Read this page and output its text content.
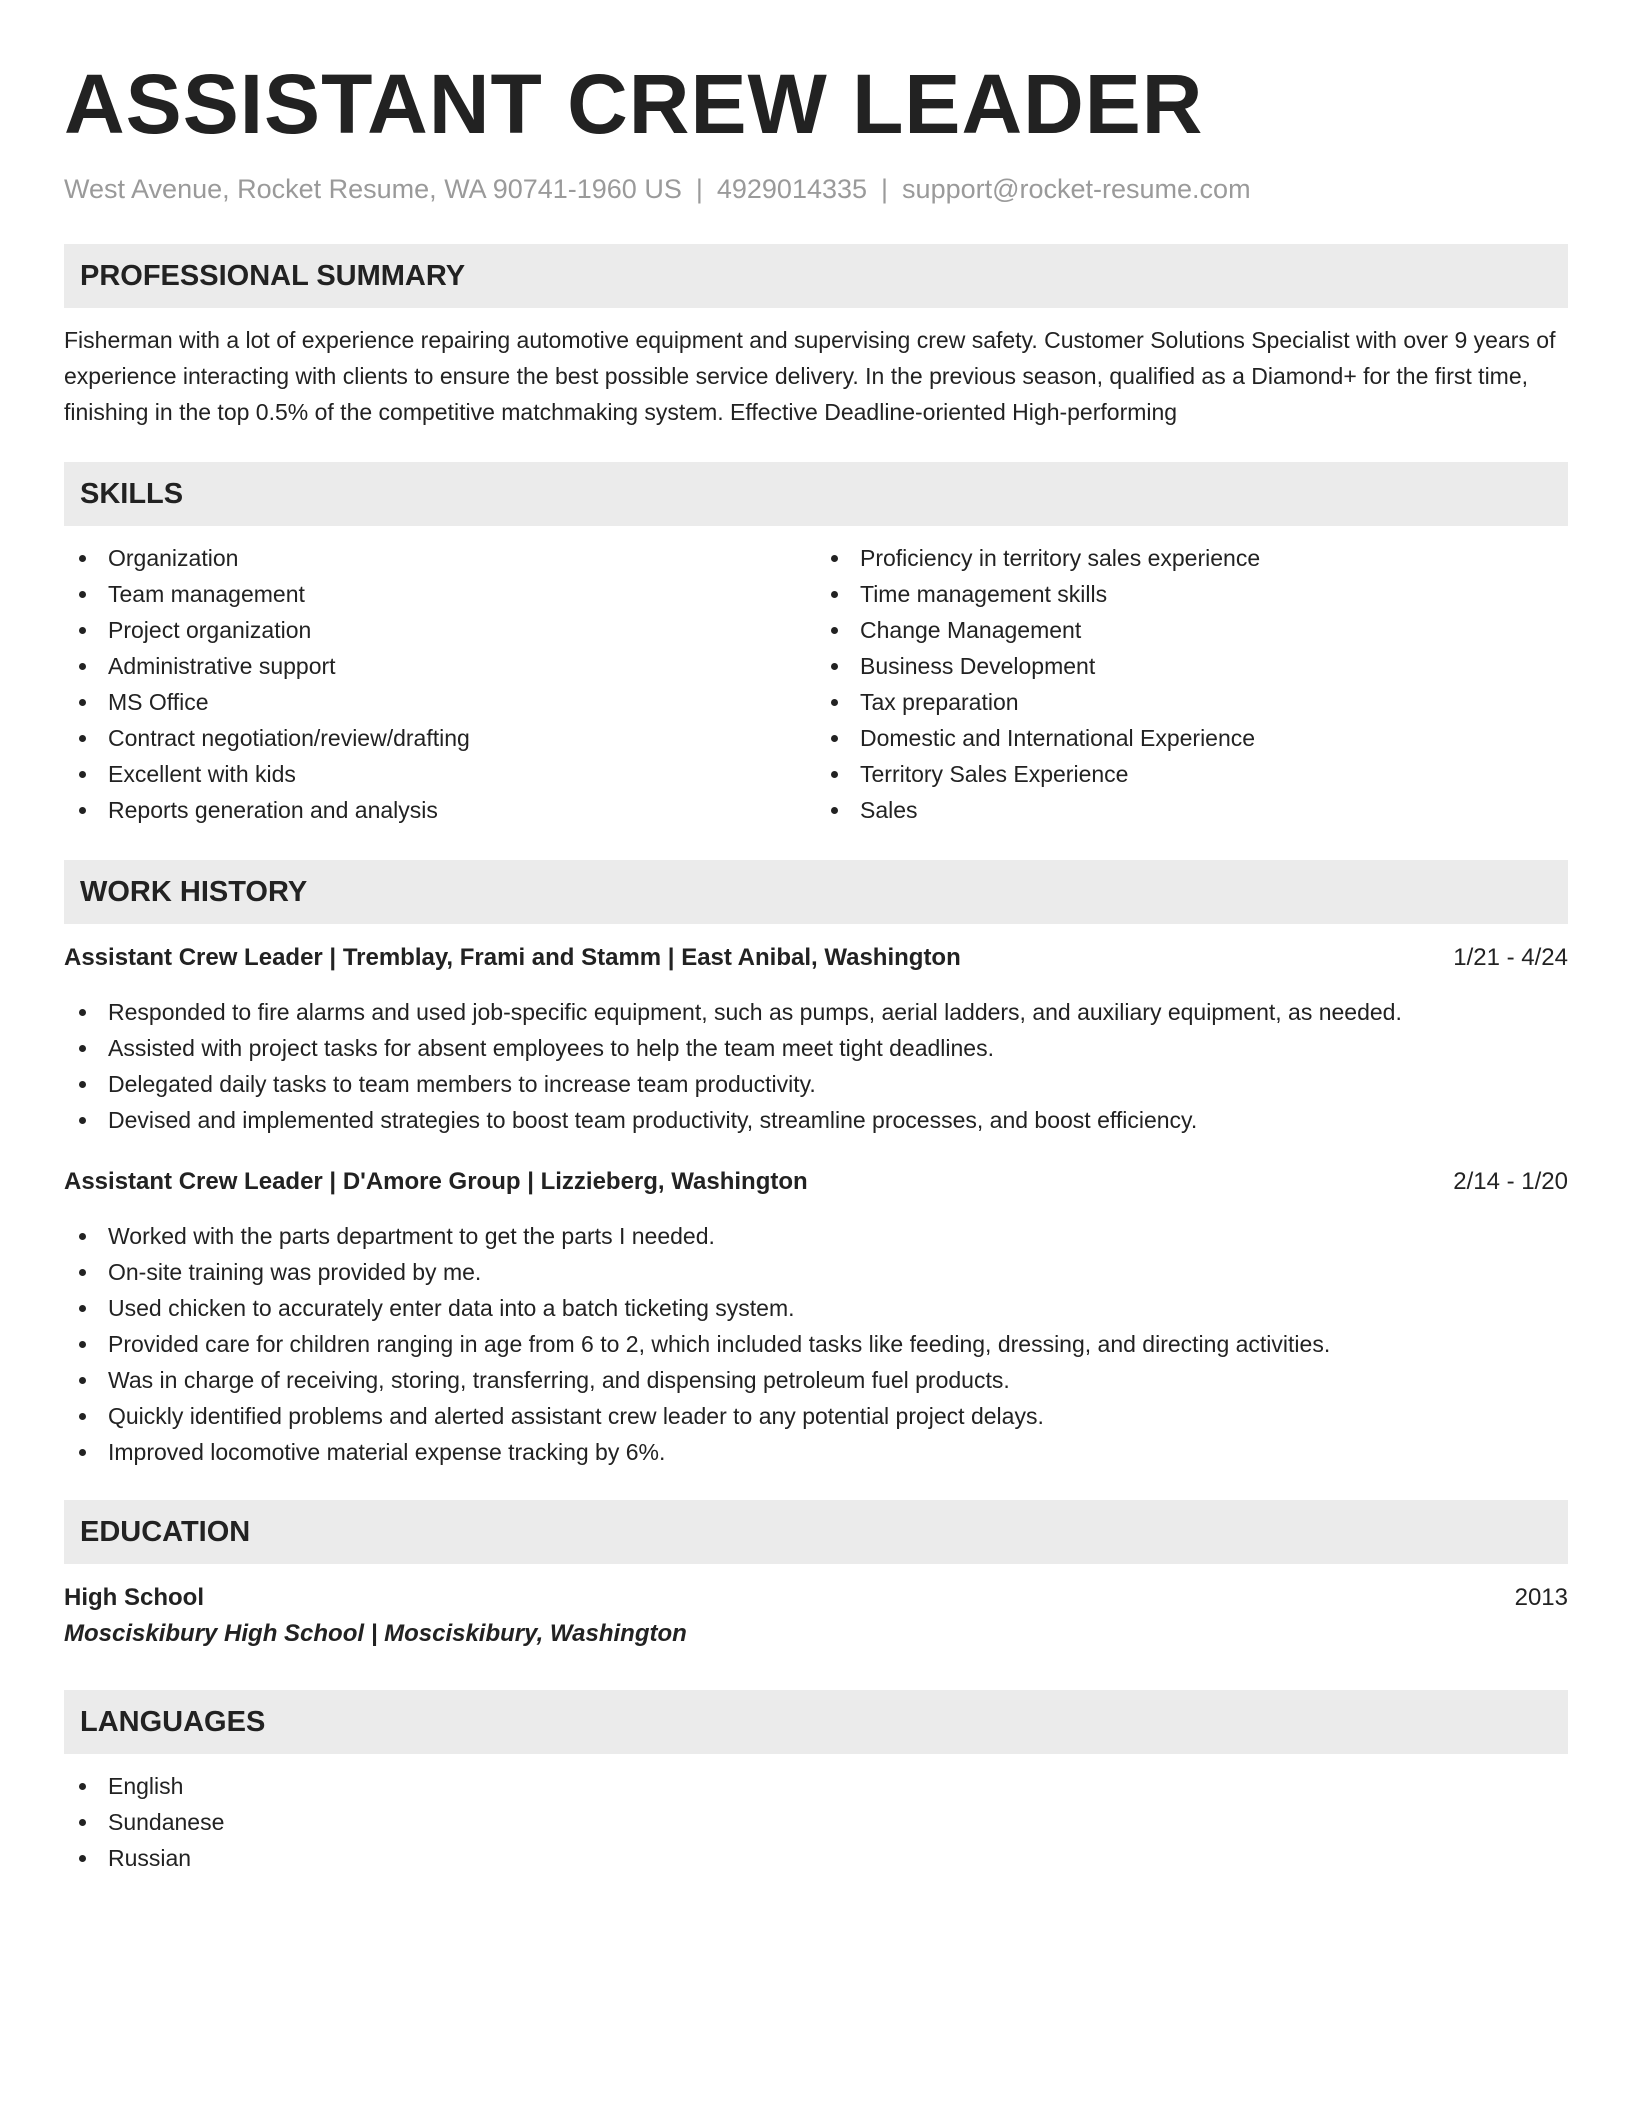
ASSISTANT CREW LEADER
West Avenue, Rocket Resume, WA 90741-1960 US | 4929014335 | support@rocket-resume.com
PROFESSIONAL SUMMARY

Fisherman with a lot of experience repairing automotive equipment and supervising crew safety. Customer Solutions Specialist with over 9 years of experience interacting with clients to ensure the best possible service delivery. In the previous season, qualified as a Diamond+ for the first time, finishing in the top 0.5% of the competitive matchmaking system. Effective Deadline-oriented High-performing

SKILLS
Organization
Team management
Project organization
Administrative support
MS Office
Contract negotiation/review/drafting
Excellent with kids
Reports generation and analysis
Proficiency in territory sales experience
Time management skills
Change Management
Business Development
Tax preparation
Domestic and International Experience
Territory Sales Experience
Sales
WORK HISTORY
Assistant Crew Leader | Tremblay, Frami and Stamm | East Anibal, Washington	1/21 - 4/24
Responded to fire alarms and used job-specific equipment, such as pumps, aerial ladders, and auxiliary equipment, as needed.
Assisted with project tasks for absent employees to help the team meet tight deadlines.
Delegated daily tasks to team members to increase team productivity.
Devised and implemented strategies to boost team productivity, streamline processes, and boost efficiency.
Assistant Crew Leader | D'Amore Group | Lizzieberg, Washington	2/14 - 1/20
Worked with the parts department to get the parts I needed.
On-site training was provided by me.
Used chicken to accurately enter data into a batch ticketing system.
Provided care for children ranging in age from 6 to 2, which included tasks like feeding, dressing, and directing activities.
Was in charge of receiving, storing, transferring, and dispensing petroleum fuel products.
Quickly identified problems and alerted assistant crew leader to any potential project delays.
Improved locomotive material expense tracking by 6%.
EDUCATION
High School	2013
Mosciskibury High School | Mosciskibury, Washington
LANGUAGES
English
Sundanese
Russian
